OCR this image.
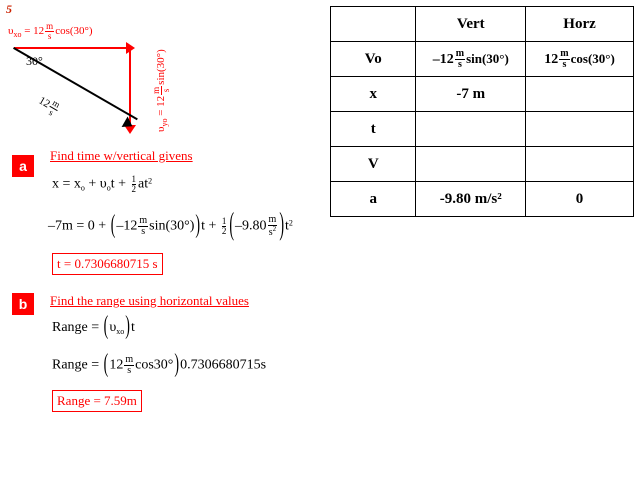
5
$\upsilon_{xo} = 12 \frac{m}{s} \cos(30^\circ)$
30°
12
m
s
$\upsilon_{yo} = 12$
m s
sin(30°)
	Vert	Horz
Vo	$-12 \frac{m}{s} \sin(30^\circ)$	$12 \frac{m}{s} \cos(30^\circ)$
x	-7 m	
t		
V		
a	-9.80 m/s²	0
a
Find time w/vertical givens
$x = x_o + \upsilon_ot + \frac{1}{2} at^2$
$-7m = 0 + (-12 \frac{m}{s} \sin(30^\circ))t + \frac{1}{2} (-9.80 \frac{m}{s^2} )t^2$
t = 0.7306680715 s
b	Find the range using horizontal values
Range = $(\upsilon_{xo})t$
Range = $(12 \frac{m}{s} \cos 30^\circ)0.7306680715s$
Range = 7.59m
